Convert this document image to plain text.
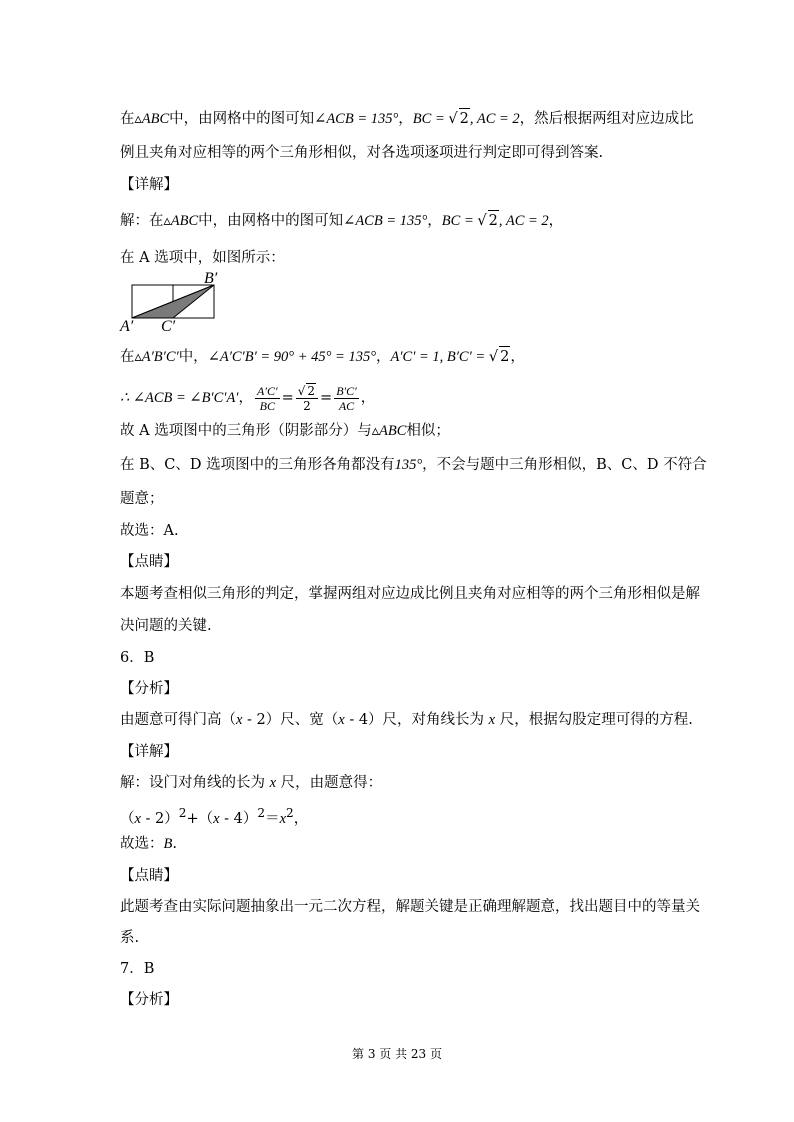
在▵ABC中，由网格中的图可知∠ACB = 135°，BC = √ 2, AC = 2，然后根据两组对应边成比
例且夹角对应相等的两个三角形相似，对各选项逐项进行判定即可得到答案.
【详解】
解：在▵ABC中，由网格中的图可知∠ACB = 135°，BC = √ 2, AC = 2，
在 A 选项中，如图所示：
B′
A′ C′
在▵A′B′C′中，∠A′C′B′ = 90° + 45° = 135°，A′C′ = 1, B′C′ = √ 2，
∴ ∠ACB = ∠B′C′A′， $\frac{A'C'}{BC} = \frac{√ 2}{2} = \frac{B'C'}{AC}$ ，
故 A 选项图中的三角形（阴影部分）与▵ABC相似；
在 B、C、D 选项图中的三角形各角都没有135°，不会与题中三角形相似，B、C、D 不符合
题意；
故选：A.
【点睛】
本题考查相似三角形的判定，掌握两组对应边成比例且夹角对应相等的两个三角形相似是解
决问题的关键.
6．B
【分析】
由题意可得门高（x - 2）尺、宽（x - 4）尺，对角线长为 x 尺，根据勾股定理可得的方程.
【详解】
解：设门对角线的长为 x 尺，由题意得：
$(x - 2)^2+(x - 4)^2=x^2$，
故选：B.
【点睛】
此题考查由实际问题抽象出一元二次方程，解题关键是正确理解题意，找出题目中的等量关
系.
7．B
【分析】
第 3 页 共 23 页
